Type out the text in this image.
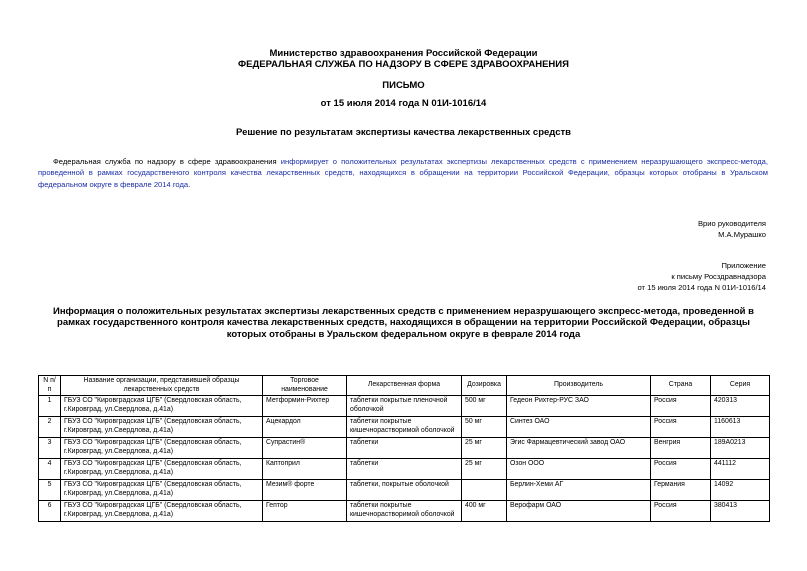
Министерство здравоохранения Российской Федерации
ФЕДЕРАЛЬНАЯ СЛУЖБА ПО НАДЗОРУ В СФЕРЕ ЗДРАВООХРАНЕНИЯ
ПИСЬМО
от 15 июля 2014 года N 01И-1016/14
Решение по результатам экспертизы качества лекарственных средств
Федеральная служба по надзору в сфере здравоохранения информирует о положительных результатах экспертизы лекарственных средств с применением неразрушающего экспресс-метода, проведенной в рамках государственного контроля качества лекарственных средств, находящихся в обращении на территории Российской Федерации, образцы которых отобраны в Уральском федеральном округе в феврале 2014 года.
Врио руководителя
М.А.Мурашко
Приложение
к письму Росздравнадзора
от 15 июля 2014 года N 01И-1016/14
Информация о положительных результатах экспертизы лекарственных средств с применением неразрушающего экспресс-метода, проведенной в рамках государственного контроля качества лекарственных средств, находящихся в обращении на территории Российской Федерации, образцы которых отобраны в Уральском федеральном округе в феврале 2014 года
N п/п	Название организации, представившей образцы лекарственных средств	Торговое наименование	Лекарственная форма	Дозировка	Производитель	Страна	Серия
1	ГБУЗ СО "Кировградская ЦГБ" (Свердловская область, г.Кировград, ул.Свердлова, д.41а)	Метформин-Рихтер	таблетки покрытые пленочной оболочкой	500 мг	Гедеон Рихтер-РУС ЗАО	Россия	420313
2	ГБУЗ СО "Кировградская ЦГБ" (Свердловская область, г.Кировград, ул.Свердлова, д.41а)	Ацекардол	таблетки покрытые кишечнорастворимой оболочкой	50 мг	Синтез ОАО	Россия	1160613
3	ГБУЗ СО "Кировградская ЦГБ" (Свердловская область, г.Кировград, ул.Свердлова, д.41а)	Супрастин®	таблетки	25 мг	Эгис Фармацевтический завод ОАО	Венгрия	189А0213
4	ГБУЗ СО "Кировградская ЦГБ" (Свердловская область, г.Кировград, ул.Свердлова, д.41а)	Каптоприл	таблетки	25 мг	Озон ООО	Россия	441112
5	ГБУЗ СО "Кировградская ЦГБ" (Свердловская область, г.Кировград, ул.Свердлова, д.41а)	Мезим® форте	таблетки, покрытые оболочкой		Берлин-Хеми АГ	Германия	14092
6	ГБУЗ СО "Кировградская ЦГБ" (Свердловская область, г.Кировград, ул.Свердлова, д.41а)	Гептор	таблетки покрытые кишечнорастворимой оболочкой	400 мг	Верофарм ОАО	Россия	380413
